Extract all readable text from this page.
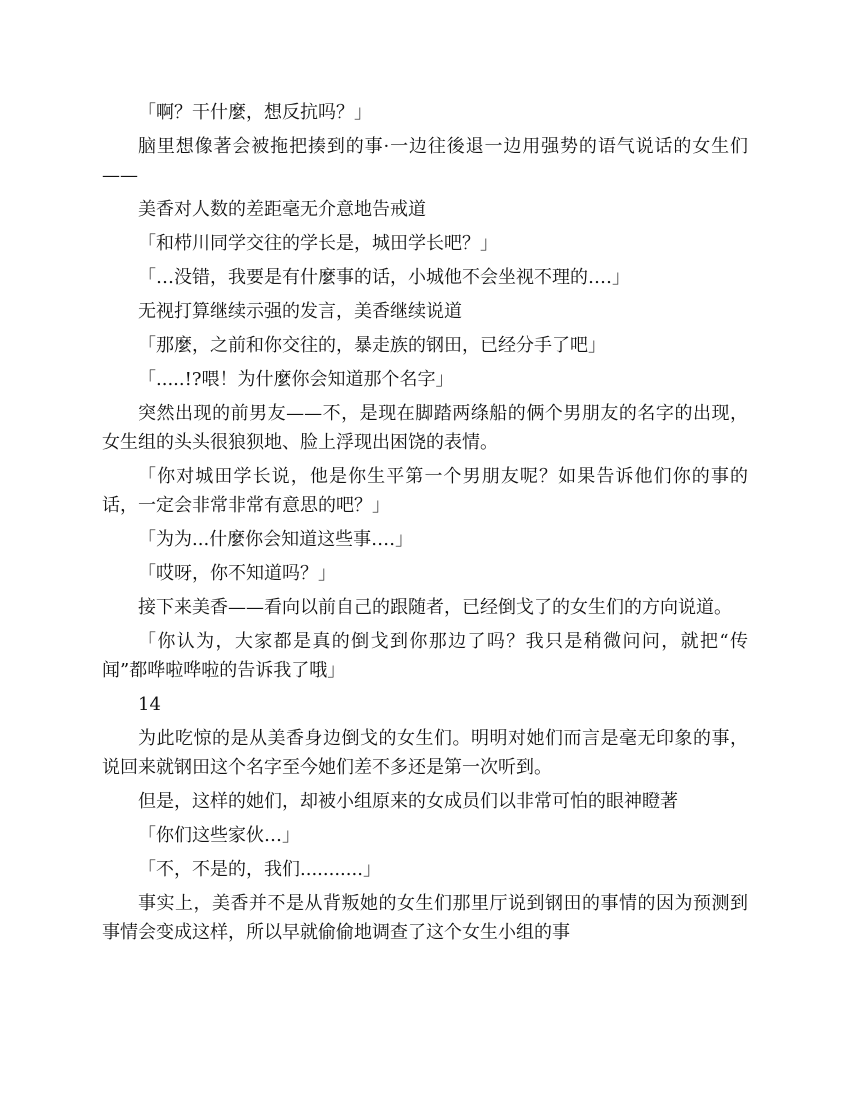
「啊？干什麼，想反抗吗？」

脑里想像著会被拖把揍到的事·一边往後退一边用强势的语气说话的女生们——

美香对人数的差距毫无介意地告戒道

「和栉川同学交往的学长是，城田学长吧？」

「…没错，我要是有什麼事的话，小城他不会坐视不理的‥‥」

无视打算继续示强的发言，美香继续说道

「那麼，之前和你交往的，暴走族的钢田，已经分手了吧」

「.....!?喂！为什麼你会知道那个名字」

突然出现的前男友——不，是现在脚踏两绦船的俩个男朋友的名字的出现，女生组的头头很狼狈地、脸上浮现出困饶的表情。

「你对城田学长说，他是你生平第一个男朋友呢？如果告诉他们你的事的话，一定会非常非常有意思的吧？」

「为为...什麼你会知道这些事‥‥」

「哎呀，你不知道吗？」

接下来美香——看向以前自己的跟随者，已经倒戈了的女生们的方向说道。

「你认为，大家都是真的倒戈到你那边了吗？我只是稍微问问，就把“传闻”都哗啦哗啦的告诉我了哦」

14

为此吃惊的是从美香身边倒戈的女生们。明明对她们而言是毫无印象的事，说回来就钢田这个名字至今她们差不多还是第一次听到。

但是，这样的她们，却被小组原来的女成员们以非常可怕的眼神瞪著

「你们这些家伙…」

「不，不是的，我们...........」

事实上，美香并不是从背叛她的女生们那里厅说到钢田的事情的因为预测到事情会变成这样，所以早就偷偷地调查了这个女生小组的事
